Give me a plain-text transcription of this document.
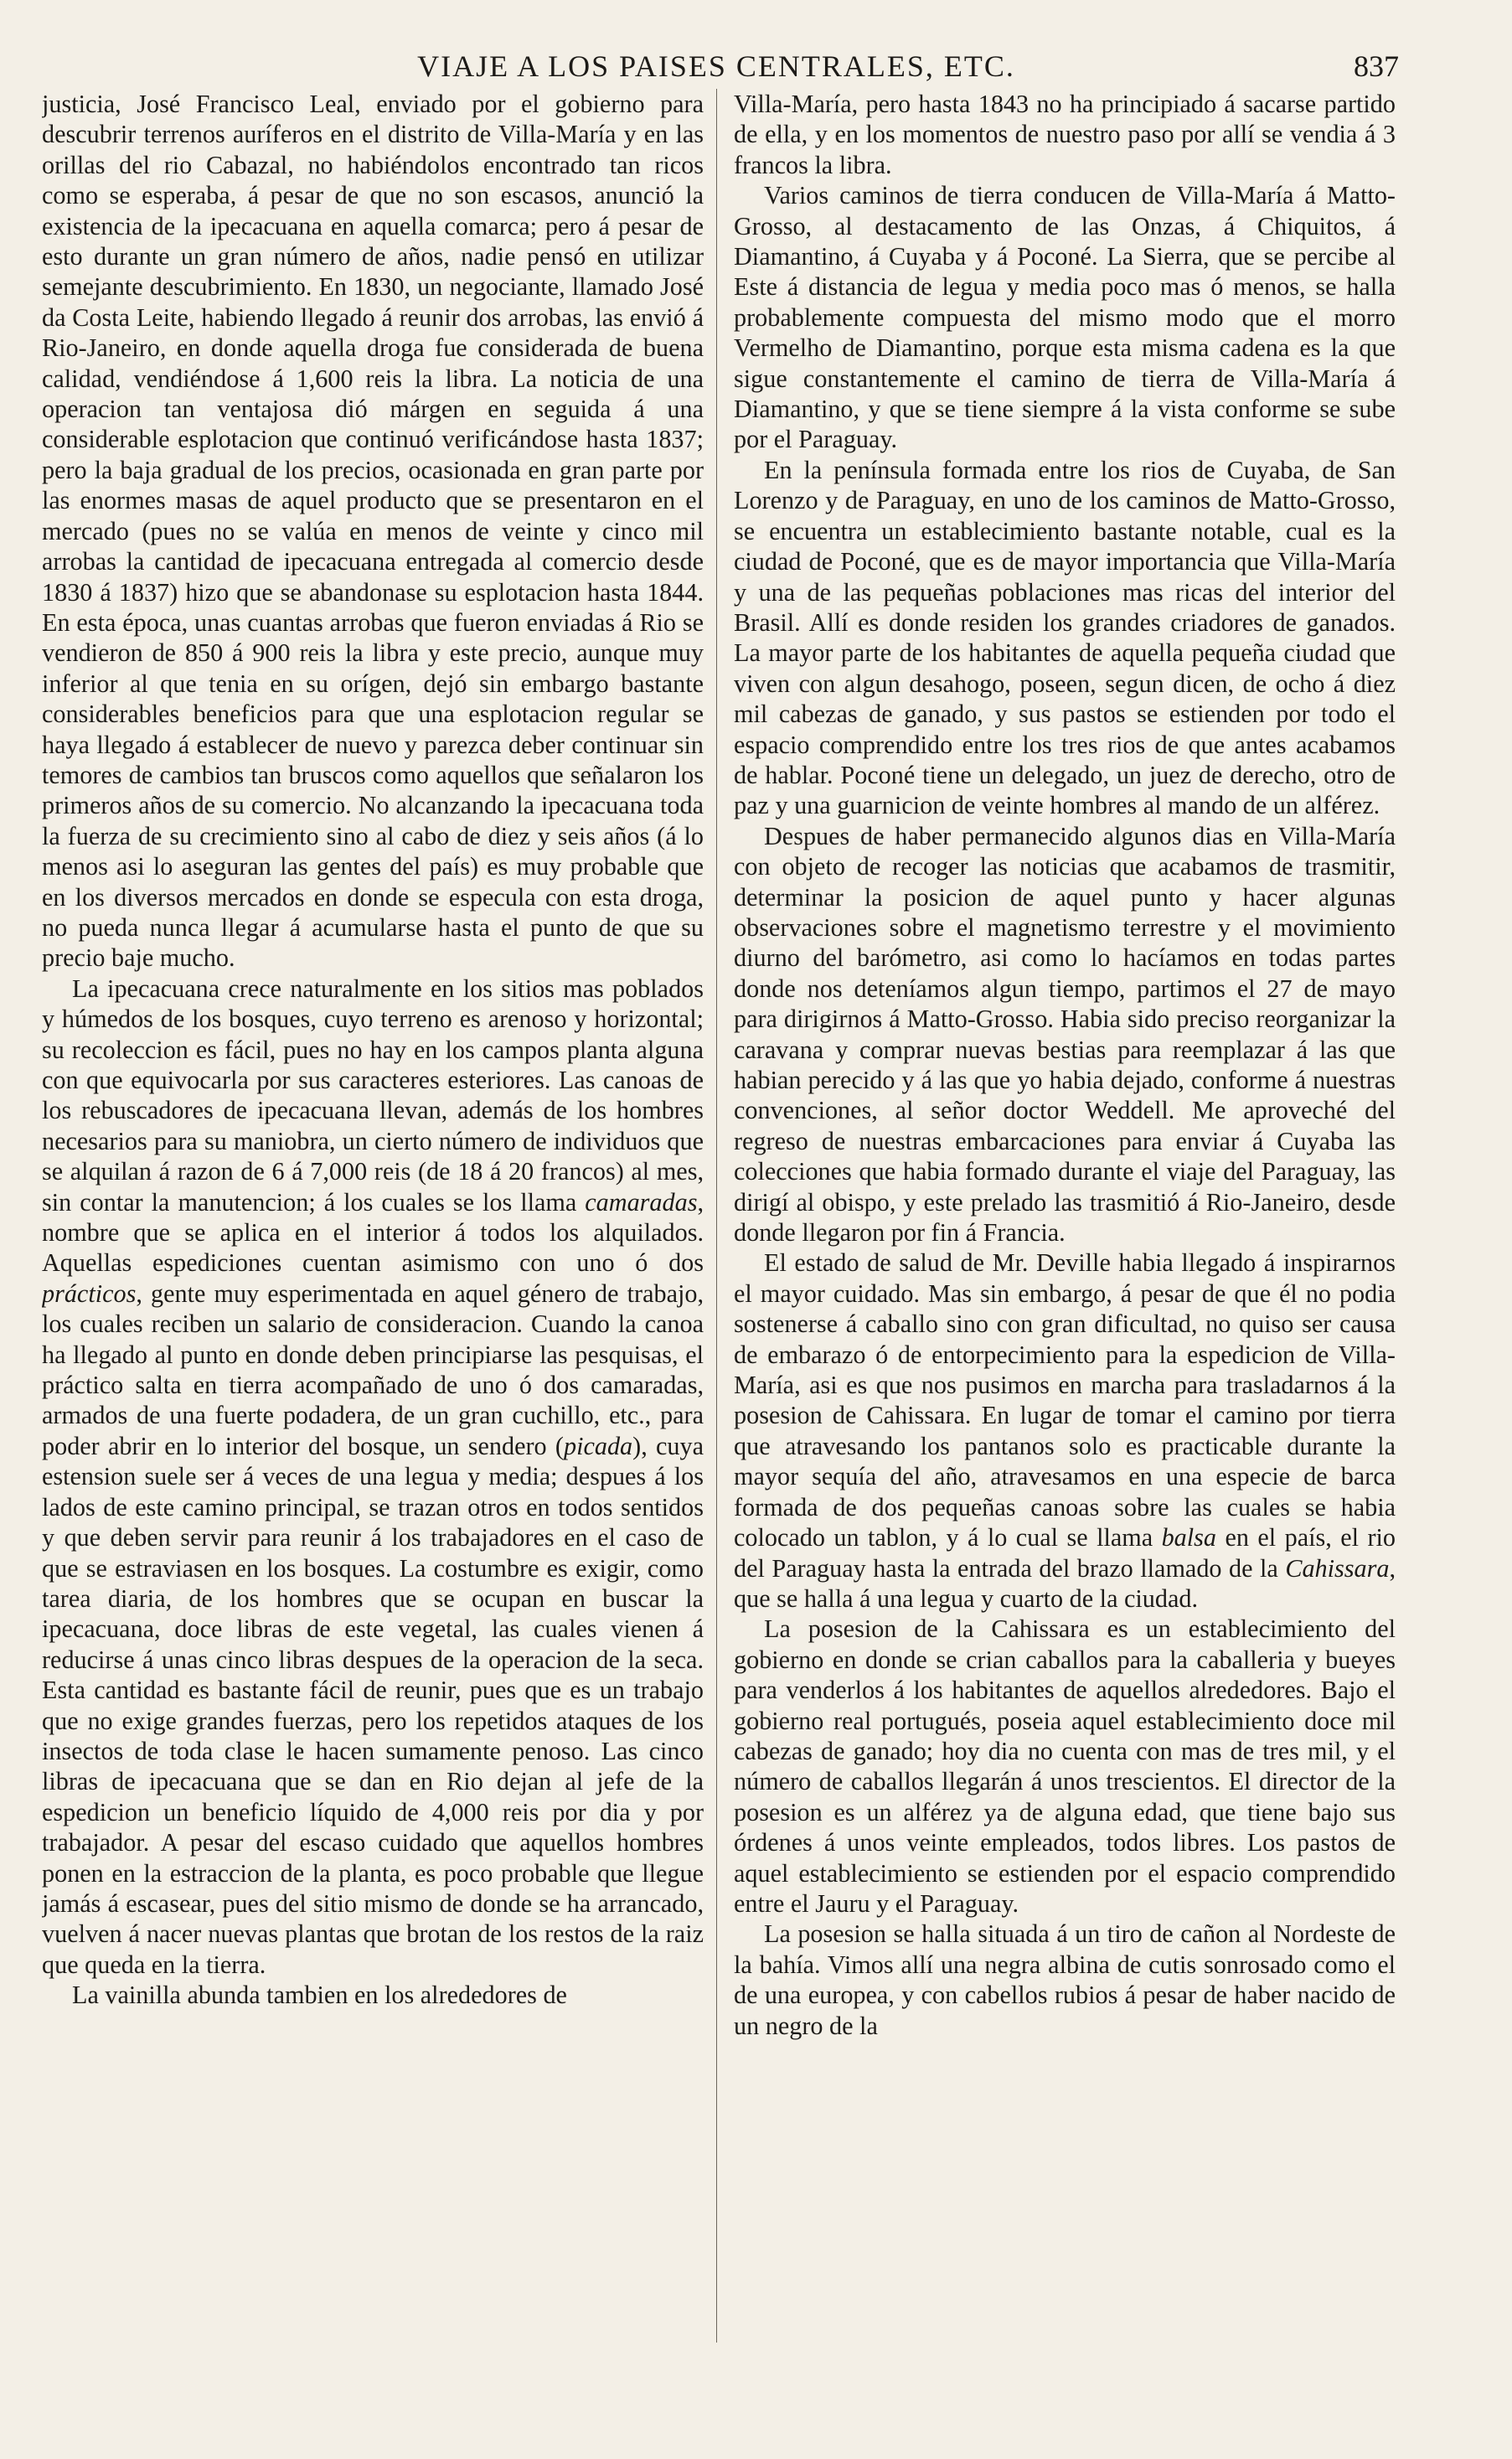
VIAJE A LOS PAISES CENTRALES, ETC.	837

justicia, José Francisco Leal, enviado por el gobierno para descubrir terrenos auríferos en el distrito de Villa-María y en las orillas del rio Cabazal, no habiéndolos encontrado tan ricos como se esperaba, á pesar de que no son escasos, anunció la existencia de la ipecacuana en aquella comarca; pero á pesar de esto durante un gran número de años, nadie pensó en utilizar semejante descubrimiento. En 1830, un negociante, llamado José da Costa Leite, habiendo llegado á reunir dos arrobas, las envió á Rio-Janeiro, en donde aquella droga fue considerada de buena calidad, vendiéndose á 1,600 reis la libra. La noticia de una operacion tan ventajosa dió márgen en seguida á una considerable esplotacion que continuó verificándose hasta 1837; pero la baja gradual de los precios, ocasionada en gran parte por las enormes masas de aquel producto que se presentaron en el mercado (pues no se valúa en menos de veinte y cinco mil arrobas la cantidad de ipecacuana entregada al comercio desde 1830 á 1837) hizo que se abandonase su esplotacion hasta 1844. En esta época, unas cuantas arrobas que fueron enviadas á Rio se vendieron de 850 á 900 reis la libra y este precio, aunque muy inferior al que tenia en su orígen, dejó sin embargo bastante considerables beneficios para que una esplotacion regular se haya llegado á establecer de nuevo y parezca deber continuar sin temores de cambios tan bruscos como aquellos que señalaron los primeros años de su comercio. No alcanzando la ipecacuana toda la fuerza de su crecimiento sino al cabo de diez y seis años (á lo menos asi lo aseguran las gentes del país) es muy probable que en los diversos mercados en donde se especula con esta droga, no pueda nunca llegar á acumularse hasta el punto de que su precio baje mucho.

La ipecacuana crece naturalmente en los sitios mas poblados y húmedos de los bosques, cuyo terreno es arenoso y horizontal; su recoleccion es fácil, pues no hay en los campos planta alguna con que equivocarla por sus caracteres esteriores. Las canoas de los rebuscadores de ipecacuana llevan, además de los hombres necesarios para su maniobra, un cierto número de individuos que se alquilan á razon de 6 á 7,000 reis (de 18 á 20 francos) al mes, sin contar la manutencion; á los cuales se los llama camaradas, nombre que se aplica en el interior á todos los alquilados. Aquellas espediciones cuentan asimismo con uno ó dos prácticos, gente muy esperimentada en aquel género de trabajo, los cuales reciben un salario de consideracion. Cuando la canoa ha llegado al punto en donde deben principiarse las pesquisas, el práctico salta en tierra acompañado de uno ó dos camaradas, armados de una fuerte podadera, de un gran cuchillo, etc., para poder abrir en lo interior del bosque, un sendero (picada), cuya estension suele ser á veces de una legua y media; despues á los lados de este camino principal, se trazan otros en todos sentidos y que deben servir para reunir á los trabajadores en el caso de que se estraviasen en los bosques. La costumbre es exigir, como tarea diaria, de los hombres que se ocupan en buscar la ipecacuana, doce libras de este vegetal, las cuales vienen á reducirse á unas cinco libras despues de la operacion de la seca. Esta cantidad es bastante fácil de reunir, pues que es un trabajo que no exige grandes fuerzas, pero los repetidos ataques de los insectos de toda clase le hacen sumamente penoso. Las cinco libras de ipecacuana que se dan en Rio dejan al jefe de la espedicion un beneficio líquido de 4,000 reis por dia y por trabajador. A pesar del escaso cuidado que aquellos hombres ponen en la estraccion de la planta, es poco probable que llegue jamás á escasear, pues del sitio mismo de donde se ha arrancado, vuelven á nacer nuevas plantas que brotan de los restos de la raiz que queda en la tierra.

La vainilla abunda tambien en los alrededores de

Villa-María, pero hasta 1843 no ha principiado á sacarse partido de ella, y en los momentos de nuestro paso por allí se vendia á 3 francos la libra.

Varios caminos de tierra conducen de Villa-María á Matto-Grosso, al destacamento de las Onzas, á Chiquitos, á Diamantino, á Cuyaba y á Poconé. La Sierra, que se percibe al Este á distancia de legua y media poco mas ó menos, se halla probablemente compuesta del mismo modo que el morro Vermelho de Diamantino, porque esta misma cadena es la que sigue constantemente el camino de tierra de Villa-María á Diamantino, y que se tiene siempre á la vista conforme se sube por el Paraguay.

En la península formada entre los rios de Cuyaba, de San Lorenzo y de Paraguay, en uno de los caminos de Matto-Grosso, se encuentra un establecimiento bastante notable, cual es la ciudad de Poconé, que es de mayor importancia que Villa-María y una de las pequeñas poblaciones mas ricas del interior del Brasil. Allí es donde residen los grandes criadores de ganados. La mayor parte de los habitantes de aquella pequeña ciudad que viven con algun desahogo, poseen, segun dicen, de ocho á diez mil cabezas de ganado, y sus pastos se estienden por todo el espacio comprendido entre los tres rios de que antes acabamos de hablar. Poconé tiene un delegado, un juez de derecho, otro de paz y una guarnicion de veinte hombres al mando de un alférez.

Despues de haber permanecido algunos dias en Villa-María con objeto de recoger las noticias que acabamos de trasmitir, determinar la posicion de aquel punto y hacer algunas observaciones sobre el magnetismo terrestre y el movimiento diurno del barómetro, asi como lo hacíamos en todas partes donde nos deteníamos algun tiempo, partimos el 27 de mayo para dirigirnos á Matto-Grosso. Habia sido preciso reorganizar la caravana y comprar nuevas bestias para reemplazar á las que habian perecido y á las que yo habia dejado, conforme á nuestras convenciones, al señor doctor Weddell. Me aproveché del regreso de nuestras embarcaciones para enviar á Cuyaba las colecciones que habia formado durante el viaje del Paraguay, las dirigí al obispo, y este prelado las trasmitió á Rio-Janeiro, desde donde llegaron por fin á Francia.

El estado de salud de Mr. Deville habia llegado á inspirarnos el mayor cuidado. Mas sin embargo, á pesar de que él no podia sostenerse á caballo sino con gran dificultad, no quiso ser causa de embarazo ó de entorpecimiento para la espedicion de Villa-María, asi es que nos pusimos en marcha para trasladarnos á la posesion de Cahissara. En lugar de tomar el camino por tierra que atravesando los pantanos solo es practicable durante la mayor sequía del año, atravesamos en una especie de barca formada de dos pequeñas canoas sobre las cuales se habia colocado un tablon, y á lo cual se llama balsa en el país, el rio del Paraguay hasta la entrada del brazo llamado de la Cahissara, que se halla á una legua y cuarto de la ciudad.

La posesion de la Cahissara es un establecimiento del gobierno en donde se crian caballos para la caballeria y bueyes para venderlos á los habitantes de aquellos alrededores. Bajo el gobierno real portugués, poseia aquel establecimiento doce mil cabezas de ganado; hoy dia no cuenta con mas de tres mil, y el número de caballos llegarán á unos trescientos. El director de la posesion es un alférez ya de alguna edad, que tiene bajo sus órdenes á unos veinte empleados, todos libres. Los pastos de aquel establecimiento se estienden por el espacio comprendido entre el Jauru y el Paraguay.

La posesion se halla situada á un tiro de cañon al Nordeste de la bahía. Vimos allí una negra albina de cutis sonrosado como el de una europea, y con cabellos rubios á pesar de haber nacido de un negro de la
